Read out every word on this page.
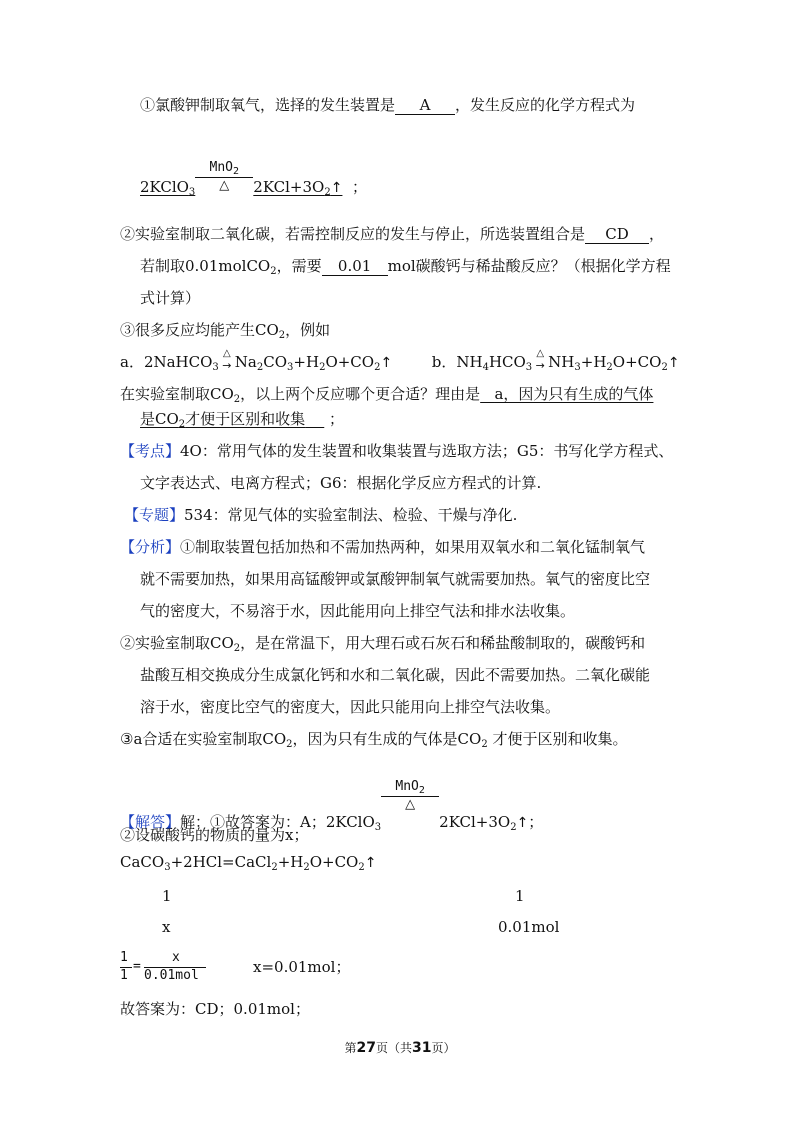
①氯酸钾制取氧气，选择的发生装置是 A ，发生反应的化学方程式为
2KClO$_3$
MnO$_2$
△	$2KCl+3O_2↑$ ；
②实验室制取二氧化碳，若需控制反应的发生与停止，所选装置组合是 CD ，
若制取0.01molCO$_2$，需要 0.01 mol碳酸钙与稀盐酸反应？（根据化学方程
式计算）
③很多反应均能产生$CO_2$，例如
a．2NaHCO$_3$
△
→ $Na_2CO_3+H_2O+CO_2↑$	b．$NH_4HCO_3$
△
→ $NH_3+H_2O+CO_2↑$
在实验室制取$CO_2$，以上两个反应哪个更合适？理由是 a，因为只有生成的气体
是$CO_2$才便于区别和收集 ；
【考点】4O：常用气体的发生装置和收集装置与选取方法；G5：书写化学方程式、
文字表达式、电离方程式；G6：根据化学反应方程式的计算.
【专题】534：常见气体的实验室制法、检验、干燥与净化.
【分析】①制取装置包括加热和不需加热两种，如果用双氧水和二氧化锰制氧气
就不需要加热，如果用高锰酸钾或氯酸钾制氧气就需要加热。氧气的密度比空
气的密度大，不易溶于水，因此能用向上排空气法和排水法收集。
②实验室制取$CO_2$，是在常温下，用大理石或石灰石和稀盐酸制取的，碳酸钙和
盐酸互相交换成分生成氯化钙和水和二氧化碳，因此不需要加热。二氧化碳能
溶于水，密度比空气的密度大，因此只能用向上排空气法收集。
③a合适在实验室制取$CO_2$，因为只有生成的气体是$CO_2$ 才便于区别和收集。
【解答】解：①故答案为：A；2KClO$_3$
MnO$_2$
△
$2KCl+3O_2↑$；
②设碳酸钙的物质的量为x；
$CaCO_3+2HCl=CaCl_2+H_2O+CO_2↑$
1	1
x	0.01mol
1
1
=
x
0.01mol	x=0.01mol；
故答案为：CD；0.01mol；
第27页（共31页）
